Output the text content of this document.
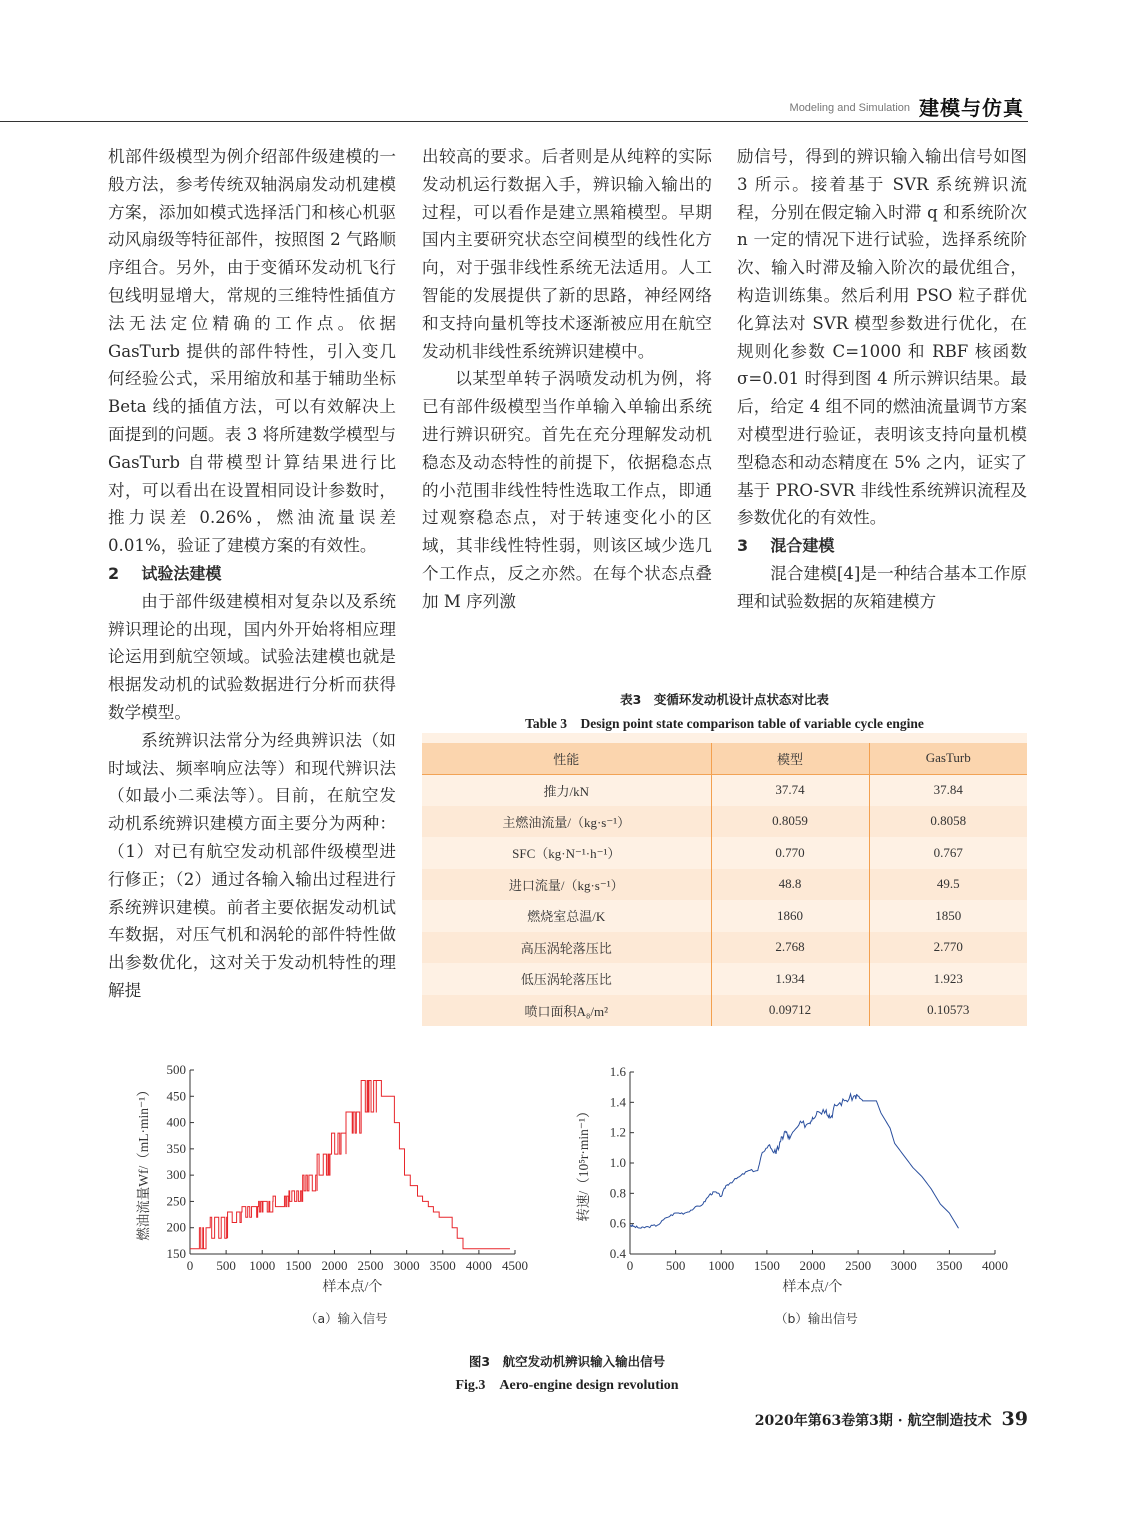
Modeling and Simulation 建模与仿真

机部件级模型为例介绍部件级建模的一般方法，参考传统双轴涡扇发动机建模方案，添加如模式选择活门和核心机驱动风扇级等特征部件，按照图 2 气路顺序组合。另外，由于变循环发动机飞行包线明显增大，常规的三维特性插值方法无法定位精确的工作点。依据 GasTurb 提供的部件特性，引入变几何经验公式，采用缩放和基于辅助坐标 Beta 线的插值方法，可以有效解决上面提到的问题。表 3 将所建数学模型与 GasTurb 自带模型计算结果进行比对，可以看出在设置相同设计参数时，推力误差 0.26%，燃油流量误差 0.01%，验证了建模方案的有效性。

2 试验法建模

由于部件级建模相对复杂以及系统辨识理论的出现，国内外开始将相应理论运用到航空领域。试验法建模也就是根据发动机的试验数据进行分析而获得数学模型。

系统辨识法常分为经典辨识法（如时域法、频率响应法等）和现代辨识法（如最小二乘法等）。目前，在航空发动机系统辨识建模方面主要分为两种：（1）对已有航空发动机部件级模型进行修正；（2）通过各输入输出过程进行系统辨识建模。前者主要依据发动机试车数据，对压气机和涡轮的部件特性做出参数优化，这对关于发动机特性的理解提

出较高的要求。后者则是从纯粹的实际发动机运行数据入手，辨识输入输出的过程，可以看作是建立黑箱模型。早期国内主要研究状态空间模型的线性化方向，对于强非线性系统无法适用。人工智能的发展提供了新的思路，神经网络和支持向量机等技术逐渐被应用在航空发动机非线性系统辨识建模中。

以某型单转子涡喷发动机为例，将已有部件级模型当作单输入单输出系统进行辨识研究。首先在充分理解发动机稳态及动态特性的前提下，依据稳态点的小范围非线性特性选取工作点，即通过观察稳态点，对于转速变化小的区域，其非线性特性弱，则该区域少选几个工作点，反之亦然。在每个状态点叠加 M 序列激

励信号，得到的辨识输入输出信号如图 3 所示。接着基于 SVR 系统辨识流程，分别在假定输入时滞 q 和系统阶次 n 一定的情况下进行试验，选择系统阶次、输入时滞及输入阶次的最优组合，构造训练集。然后利用 PSO 粒子群优化算法对 SVR 模型参数进行优化，在规则化参数 C=1000 和 RBF 核函数 σ=0.01 时得到图 4 所示辨识结果。最后，给定 4 组不同的燃油流量调节方案对模型进行验证，表明该支持向量机模型稳态和动态精度在 5% 之内，证实了基于 PRO-SVR 非线性系统辨识流程及参数优化的有效性。

3 混合建模

混合建模[4]是一种结合基本工作原理和试验数据的灰箱建模方

表3　变循环发动机设计点状态对比表
Table 3　Design point state comparison table of variable cycle engine

性能	模型	GasTurb
推力/kN	37.74	37.84
主燃油流量/（kg·s⁻¹）	0.8059	0.8058
SFC（kg·N⁻¹·h⁻¹）	0.770	0.767
进口流量/（kg·s⁻¹）	48.8	49.5
燃烧室总温/K	1860	1850
高压涡轮落压比	2.768	2.770
低压涡轮落压比	1.934	1.923
喷口面积A₈/m²	0.09712	0.10573
0 500 1000 1500 2000 2500 3000 3500 4000 4500
150
200
250
300
350
400
450
500
样本点/个
燃油流量Wf/（mL·min⁻¹）
0	500 1000 1500 2000 2500 3000 3500 4000
0.4
0.6
0.8
1.0
1.2
1.4
1.6
样本点/个
转速/（10⁵r·min⁻¹）
（a）输入信号	（b）输出信号
图3　航空发动机辨识输入输出信号
Fig.3　Aero-engine design revolution
2020年第63卷第3期 · 航空制造技术 39
